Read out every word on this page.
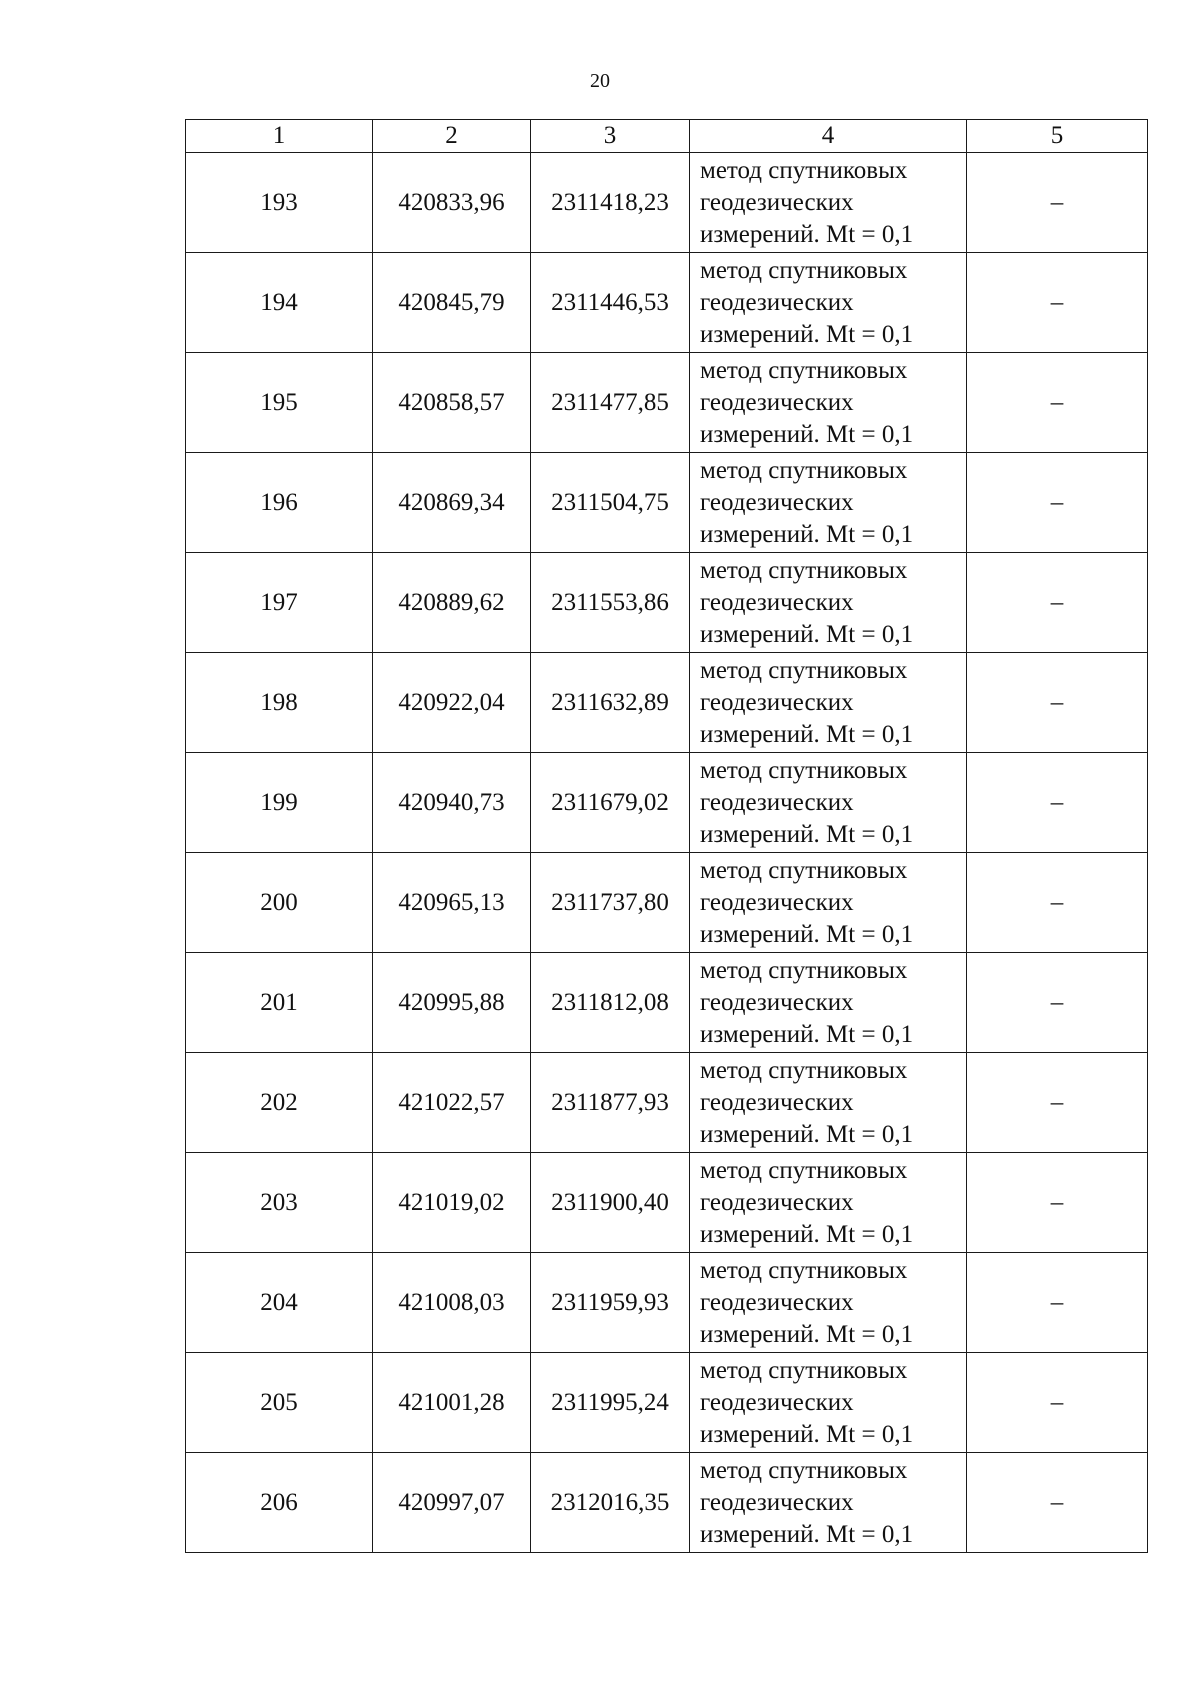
20
1	2	3	4	5
193	420833,96	2311418,23	метод спутниковых
геодезических
измерений. Mt = 0,1	–
194	420845,79	2311446,53	метод спутниковых
геодезических
измерений. Mt = 0,1	–
195	420858,57	2311477,85	метод спутниковых
геодезических
измерений. Mt = 0,1	–
196	420869,34	2311504,75	метод спутниковых
геодезических
измерений. Mt = 0,1	–
197	420889,62	2311553,86	метод спутниковых
геодезических
измерений. Mt = 0,1	–
198	420922,04	2311632,89	метод спутниковых
геодезических
измерений. Mt = 0,1	–
199	420940,73	2311679,02	метод спутниковых
геодезических
измерений. Mt = 0,1	–
200	420965,13	2311737,80	метод спутниковых
геодезических
измерений. Mt = 0,1	–
201	420995,88	2311812,08	метод спутниковых
геодезических
измерений. Mt = 0,1	–
202	421022,57	2311877,93	метод спутниковых
геодезических
измерений. Mt = 0,1	–
203	421019,02	2311900,40	метод спутниковых
геодезических
измерений. Mt = 0,1	–
204	421008,03	2311959,93	метод спутниковых
геодезических
измерений. Mt = 0,1	–
205	421001,28	2311995,24	метод спутниковых
геодезических
измерений. Mt = 0,1	–
206	420997,07	2312016,35	метод спутниковых
геодезических
измерений. Mt = 0,1	–
